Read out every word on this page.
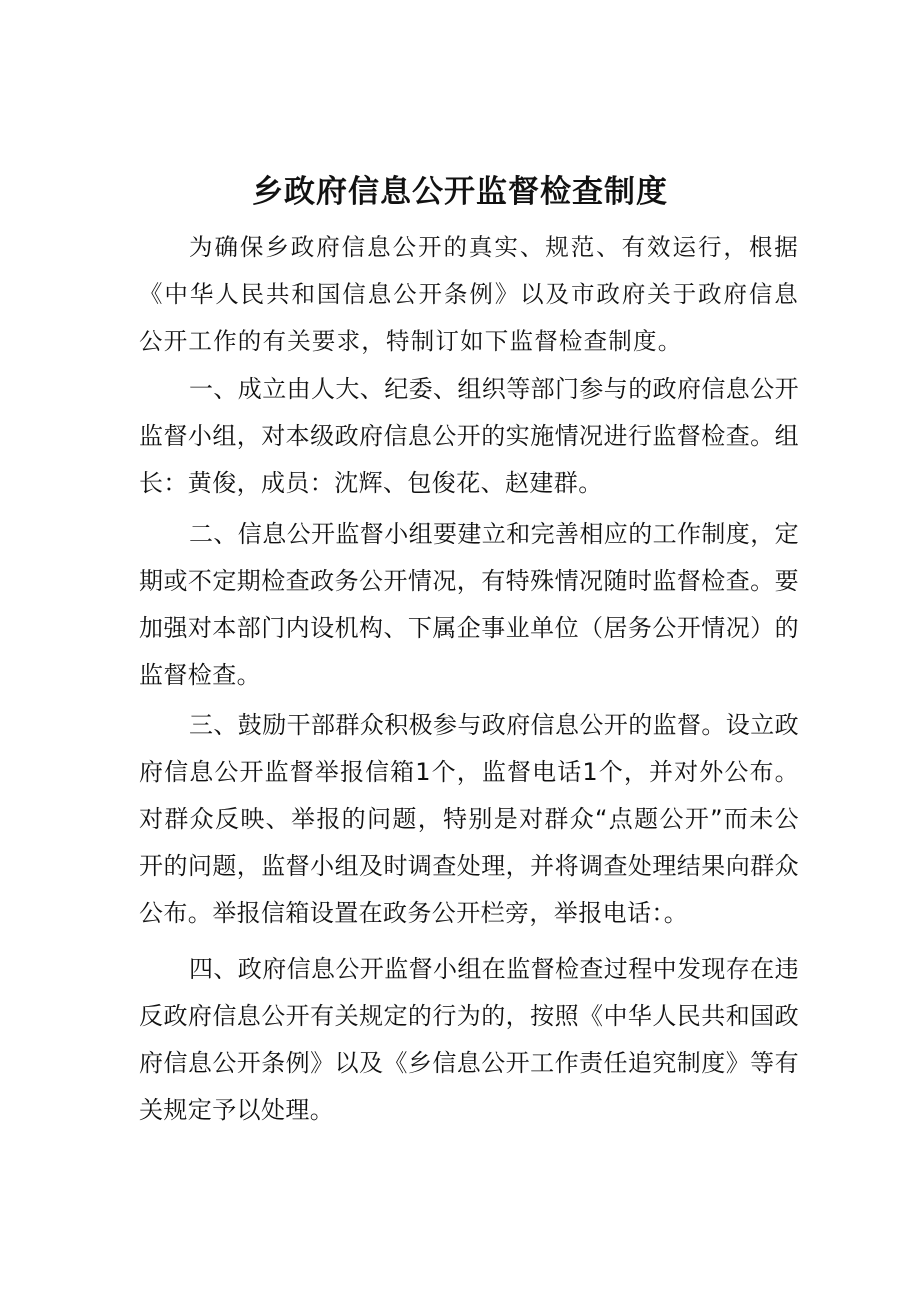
乡政府信息公开监督检查制度

为确保乡政府信息公开的真实、规范、有效运行，根据《中华人民共和国信息公开条例》以及市政府关于政府信息公开工作的有关要求，特制订如下监督检查制度。

一、成立由人大、纪委、组织等部门参与的政府信息公开监督小组，对本级政府信息公开的实施情况进行监督检查。组长：黄俊，成员：沈辉、包俊花、赵建群。

二、信息公开监督小组要建立和完善相应的工作制度，定期或不定期检查政务公开情况，有特殊情况随时监督检查。要加强对本部门内设机构、下属企事业单位（居务公开情况）的监督检查。

三、鼓励干部群众积极参与政府信息公开的监督。设立政府信息公开监督举报信箱1个，监督电话1个，并对外公布。对群众反映、举报的问题，特别是对群众“点题公开”而未公开的问题，监督小组及时调查处理，并将调查处理结果向群众公布。举报信箱设置在政务公开栏旁，举报电话：。

四、政府信息公开监督小组在监督检查过程中发现存在违反政府信息公开有关规定的行为的，按照《中华人民共和国政府信息公开条例》以及《乡信息公开工作责任追究制度》等有关规定予以处理。
